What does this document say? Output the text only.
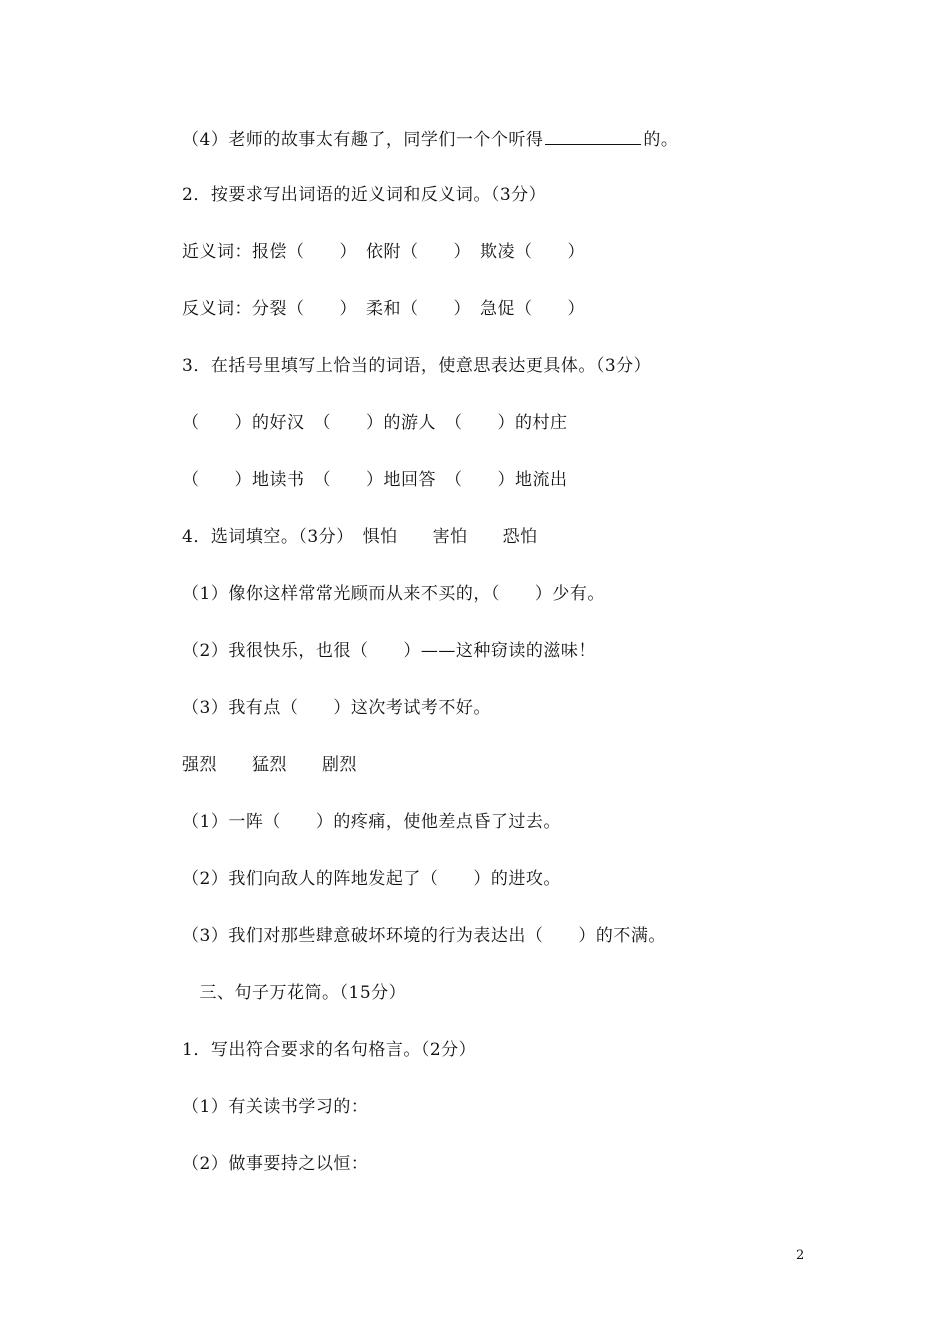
（4）老师的故事太有趣了，同学们一个个听得	的。
2．按要求写出词语的近义词和反义词。（3分）
近义词：报偿（　　）　依附（　　）　欺凌（　　）
反义词：分裂（　　）　柔和（　　）　急促（　　）
3．在括号里填写上恰当的词语，使意思表达更具体。（3分）
（　　）的好汉　（　　）的游人　（　　）的村庄
（　　）地读书　（　　）地回答　（　　）地流出
4．选词填空。（3分）　惧怕　　害怕　　恐怕
（1）像你这样常常光顾而从来不买的，（　　）少有。
（2）我很快乐，也很（　　）——这种窃读的滋味！
（3）我有点（　　）这次考试考不好。
强烈　　猛烈　　剧烈
（1）一阵（　　）的疼痛，使他差点昏了过去。
（2）我们向敌人的阵地发起了（　　）的进攻。
（3）我们对那些肆意破坏环境的行为表达出（　　）的不满。
　三、句子万花筒。（15分）
1．写出符合要求的名句格言。（2分）
（1）有关读书学习的：
（2）做事要持之以恒：
2
